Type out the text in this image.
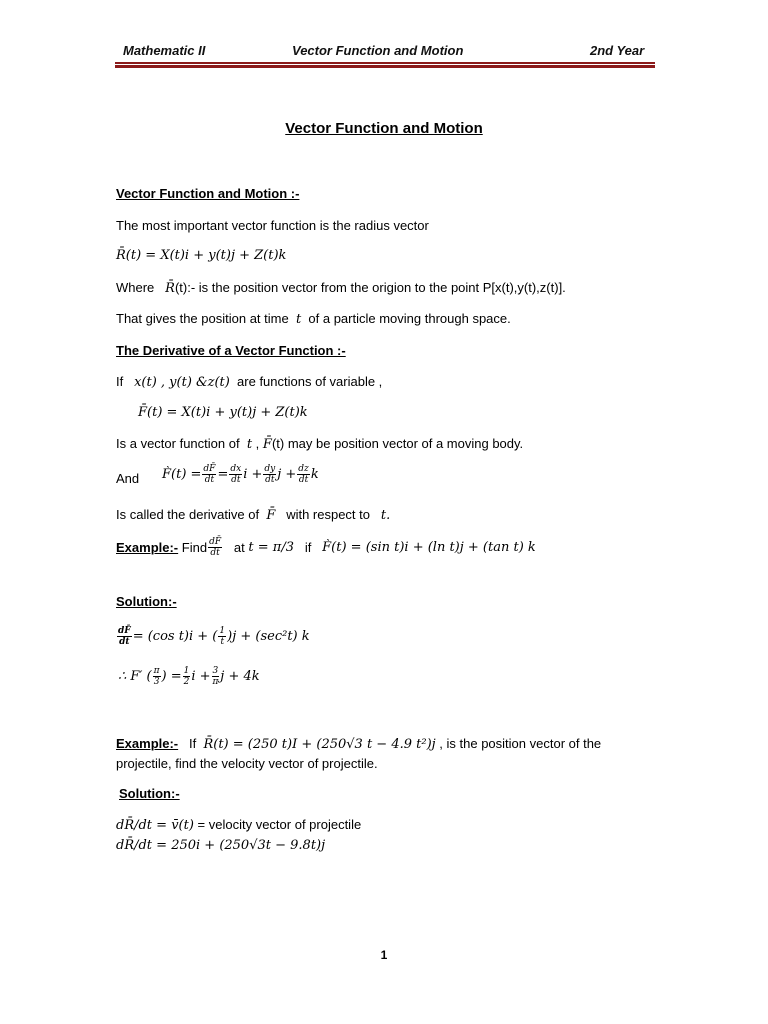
Mathematic II	Vector Function and Motion	2nd Year
Vector Function and Motion
Vector Function and Motion :-
The most important vector function is the radius vector
R̄(t) = X(t)i + y(t)j + Z(t)k
Where R̄(t):- is the position vector from the origion to the point P[x(t),y(t),z(t)].
That gives the position at time t of a particle moving through space.
The Derivative of a Vector Function :-
If x(t) , y(t) &z(t) are functions of variable ,
F̄(t) = X(t)i + y(t)j + Z(t)k
Is a vector function of t , F̄(t) may be position vector of a moving body.
And F̀(t) = $\frac{dF̄}{dt} = \frac{dx}{dt}$ $i + \frac{dy}{dt}$ $j + \frac{dz}{dt}$ k
Is called the derivative of F̄ with respect to t.
Example:-
Find $\frac{dF̄}{dt}$
at
t = π/3
if
F̀(t) = (sin t)i + (ln t)j + (tan t) k
Solution:-
$\frac{dF̄}{dt} = (\cos$ t)i + ( $\frac{1}{t} )j + (\sec^2t)$ k
∴ F′ ( $\frac{\pi}{3}$ ) = $\frac{1}{2}$ $i + \frac{3}{\pi}$ j + 4k
Example:- If R̄(t) = (250 t)I + (250√3 t − 4.9 t²)j , is the position vector of the
projectile, find the velocity vector of projectile.
Solution:-
dR̄/dt = v̄(t) = velocity vector of projectile
dR̄/dt = 250i + (250√3t − 9.8t)j
1
